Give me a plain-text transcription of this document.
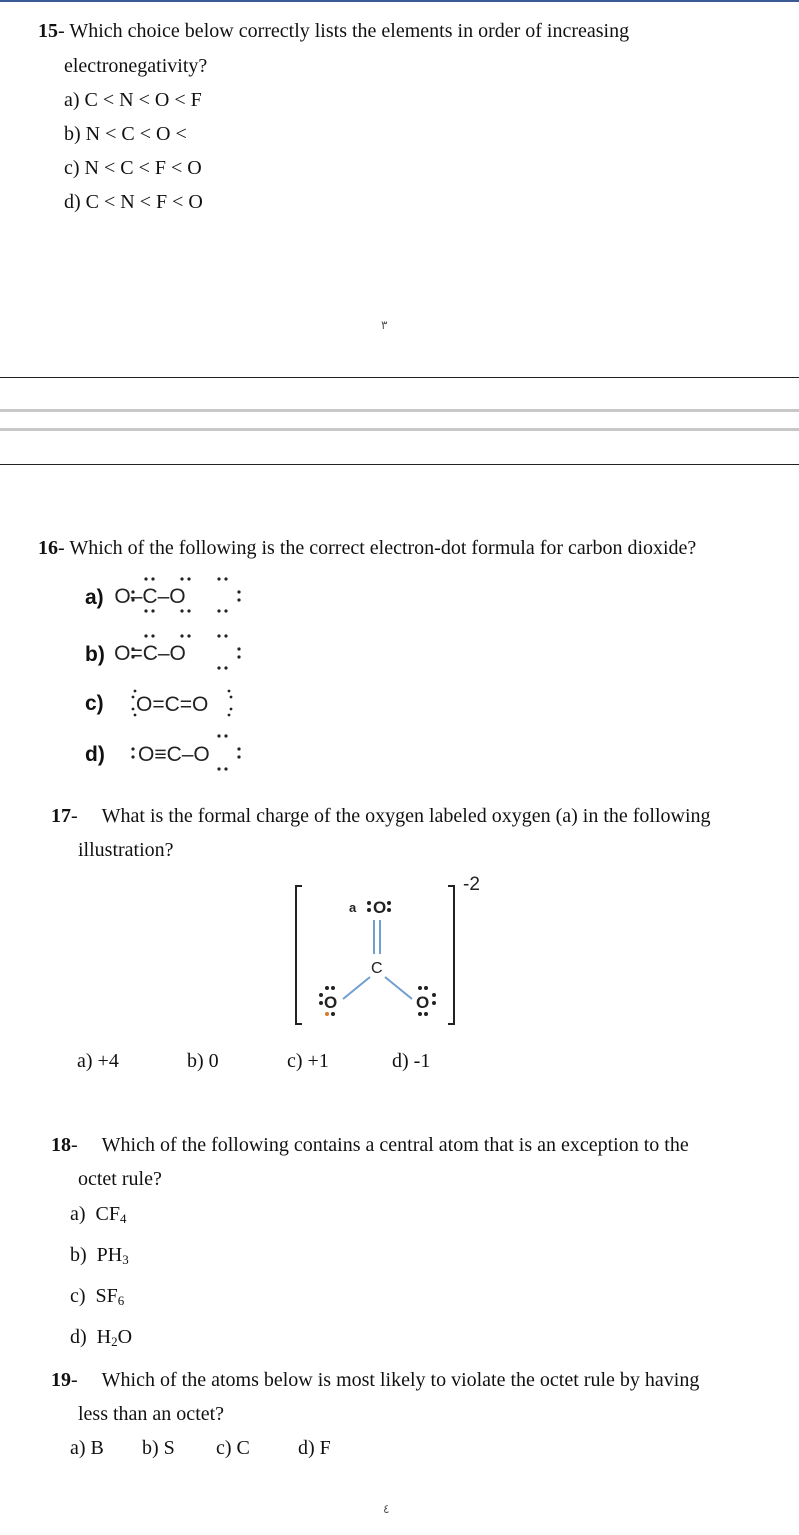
15- Which choice below correctly lists the elements in order of increasing
electronegativity?
a) C < N < O < F
b) N < C < O <
c) N < C < F < O
d) C < N < F < O
٣
16- Which of the following is the correct electron-dot formula for carbon dioxide?
a) O–C–O
b) O=C–O
c) O=C=O
d) O≡C–O
17- What is the formal charge of the oxygen labeled oxygen (a) in the following
illustration?
-2
a O
C
O	O
a) +4	b) 0	c) +1	d) -1
18- Which of the following contains a central atom that is an exception to the
octet rule?
a) $CF_4$
b) $PH_3$
c) $SF_6$
d) $H_2O$
19- Which of the atoms below is most likely to violate the octet rule by having
less than an octet?
a) B b) S c) C d) F
٤
